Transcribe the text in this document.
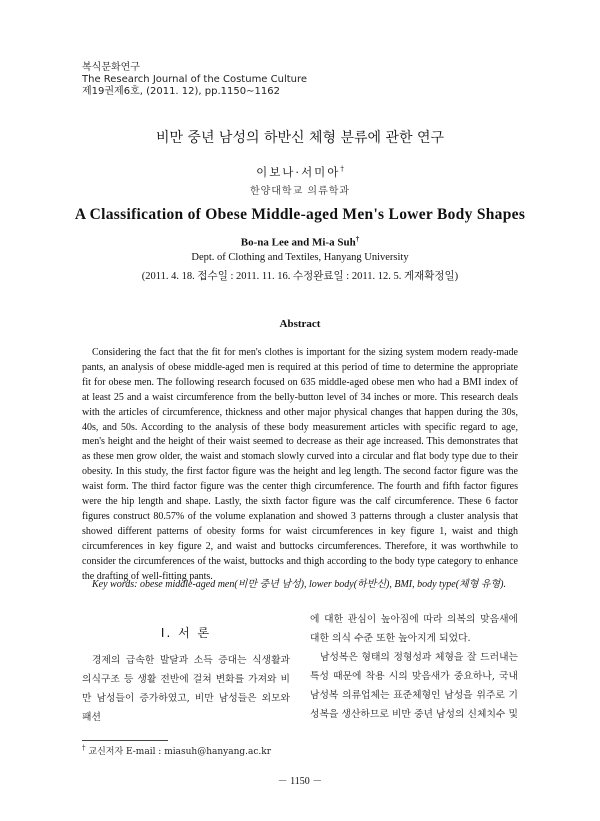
복식문화연구
The Research Journal of the Costume Culture
제19권제6호, (2011. 12), pp.1150∼1162
비만 중년 남성의 하반신 체형 분류에 관한 연구
이보나·서미아†
한양대학교 의류학과
A Classification of Obese Middle-aged Men's Lower Body Shapes
Bo-na Lee and Mi-a Suh†
Dept. of Clothing and Textiles, Hanyang University
(2011. 4. 18. 접수일 : 2011. 11. 16. 수정완료일 : 2011. 12. 5. 게재확정일)
Abstract
Considering the fact that the fit for men's clothes is important for the sizing system modern ready-made pants, an analysis of obese middle-aged men is required at this period of time to determine the appropriate fit for obese men. The following research focused on 635 middle-aged obese men who had a BMI index of at least 25 and a waist circumference from the belly-button level of 34 inches or more. This research deals with the articles of circumference, thickness and other major physical changes that happen during the 30s, 40s, and 50s. According to the analysis of these body measurement articles with specific regard to age, men's height and the height of their waist seemed to decrease as their age increased. This demonstrates that as these men grow older, the waist and stomach slowly curved into a circular and flat body type due to their obesity. In this study, the first factor figure was the height and leg length. The second factor figure was the waist form. The third factor figure was the center thigh circumference. The fourth and fifth factor figures were the hip length and shape. Lastly, the sixth factor figure was the calf circumference. These 6 factor figures construct 80.57% of the volume explanation and showed 3 patterns through a cluster analysis that showed different patterns of obesity forms for waist circumferences in key figure 1, waist and thigh circumferences in key figure 2, and waist and buttocks circumferences. Therefore, it was worthwhile to consider the circumferences of the waist, buttocks and thigh according to the body type category to enhance the drafting of well-fitting pants.
Key words: obese middle-aged men(비만 중년 남성), lower body(하반신), BMI, body type(체형 유형).
Ⅰ. 서 론
경제의 급속한 발달과 소득 증대는 식생활과 의식구조 등 생활 전반에 걸쳐 변화를 가져와 비만 남성들이 증가하였고, 비만 남성들은 외모와 패션
에 대한 관심이 높아짐에 따라 의복의 맞음새에 대한 의식 수준 또한 높아지게 되었다.
남성복은 형태의 정형성과 체형을 잘 드러내는 특성 때문에 착용 시의 맞음새가 중요하나, 국내 남성복 의류업체는 표준체형인 남성을 위주로 기성복을 생산하므로 비만 중년 남성의 신체치수 및
† 교신저자 E-mail : miasuh@hanyang.ac.kr
－ 1150 －
